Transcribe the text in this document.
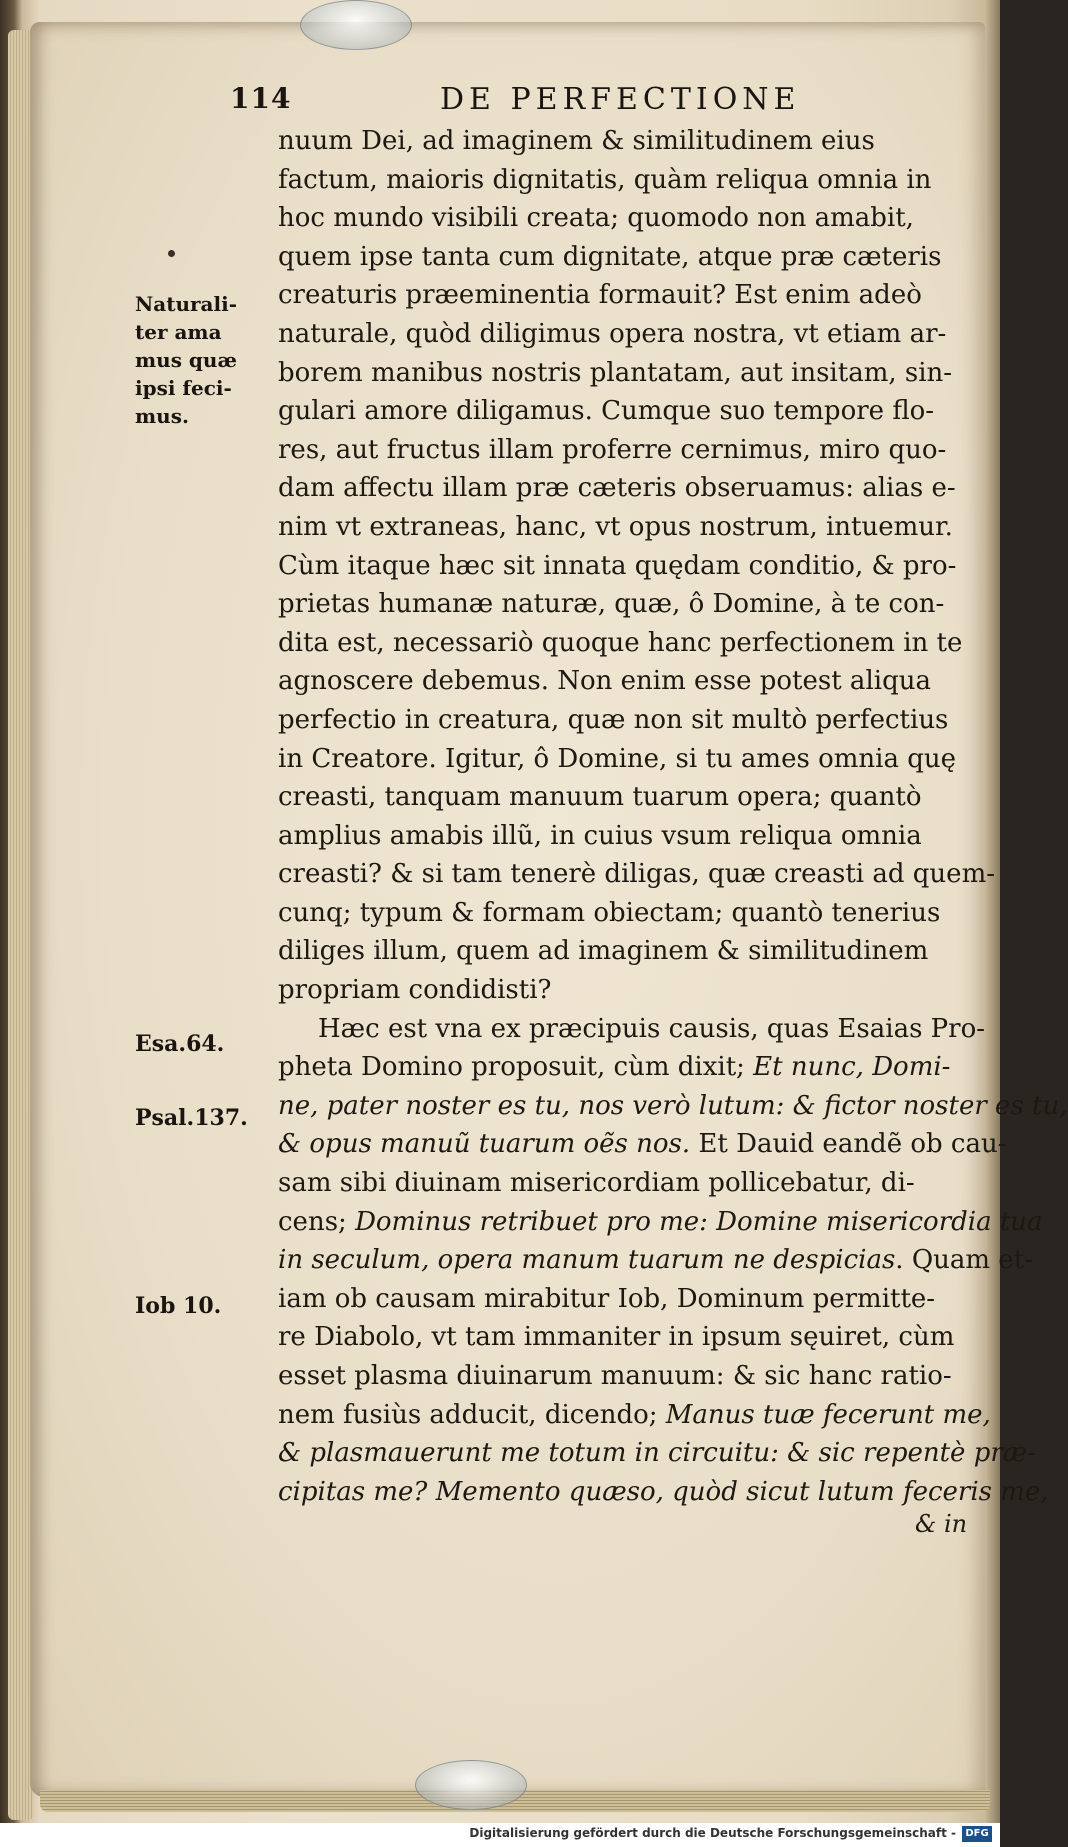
114	DE PERFECTIONE
Naturali-
ter ama
mus quæ
ipsi feci-
mus.
Esa.64.
Psal.137.
Iob 10.
nuum Dei, ad imaginem & similitudinem eius
factum, maioris dignitatis, quàm reliqua omnia in
hoc mundo visibili creata; quomodo non amabit,
quem ipse tanta cum dignitate, atque præ cæteris
creaturis præeminentia formauit? Est enim adeò
naturale, quòd diligimus opera nostra, vt etiam ar-
borem manibus nostris plantatam, aut insitam, sin-
gulari amore diligamus. Cumque suo tempore flo-
res, aut fructus illam proferre cernimus, miro quo-
dam affectu illam præ cæteris obseruamus: alias e-
nim vt extraneas, hanc, vt opus nostrum, intuemur.
Cùm itaque hæc sit innata quędam conditio, & pro-
prietas humanæ naturæ, quæ, ô Domine, à te con-
dita est, necessariò quoque hanc perfectionem in te
agnoscere debemus. Non enim esse potest aliqua
perfectio in creatura, quæ non sit multò perfectius
in Creatore. Igitur, ô Domine, si tu ames omnia quę
creasti, tanquam manuum tuarum opera; quantò
amplius amabis illũ, in cuius vsum reliqua omnia
creasti? & si tam tenerè diligas, quæ creasti ad quem-
cunq; typum & formam obiectam; quantò tenerius
diliges illum, quem ad imaginem & similitudinem
propriam condidisti?
Hæc est vna ex præcipuis causis, quas Esaias Pro-
pheta Domino proposuit, cùm dixit; Et nunc, Domi-
ne, pater noster es tu, nos verò lutum: & fictor noster es tu,
& opus manuũ tuarum oẽs nos. Et Dauid eandẽ ob cau-
sam sibi diuinam misericordiam pollicebatur, di-
cens; Dominus retribuet pro me: Domine misericordia tua
in seculum, opera manum tuarum ne despicias. Quam et-
iam ob causam mirabitur Iob, Dominum permitte-
re Diabolo, vt tam immaniter in ipsum sęuiret, cùm
esset plasma diuinarum manuum: & sic hanc ratio-
nem fusiùs adducit, dicendo; Manus tuæ fecerunt me,
& plasmauerunt me totum in circuitu: & sic repentè præ-
cipitas me? Memento quæso, quòd sicut lutum feceris me,
& in
Digitalisierung gefördert durch die Deutsche Forschungsgemeinschaft - DFG
